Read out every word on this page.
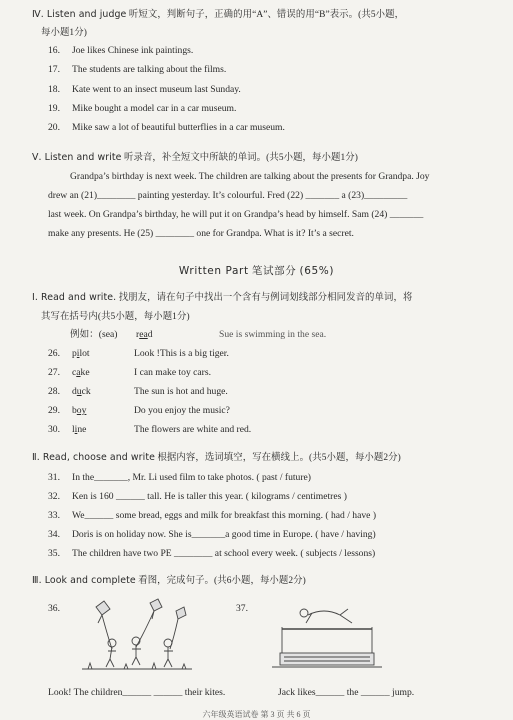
Ⅳ. Listen and judge 听短文，判断句子，正确的用“A”、错误的用“B”表示。(共5小题，
每小题1分)
16. Joe likes Chinese ink paintings.
17. The students are talking about the films.
18. Kate went to an insect museum last Sunday.
19. Mike bought a model car in a car museum.
20. Mike saw a lot of beautiful butterflies in a car museum.
Ⅴ. Listen and write 听录音，补全短文中所缺的单词。(共5小题，每小题1分)
Grandpa’s birthday is next week. The children are talking about the presents for Grandpa. Joy
drew an (21)________ painting yesterday. It’s colourful. Fred (22) _______ a (23)_________
last week. On Grandpa’s birthday, he will put it on Grandpa’s head by himself. Sam (24) _______
make any presents. He (25) ________ one for Grandpa. What is it? It’s a secret.
Written Part 笔试部分 (65%)
Ⅰ. Read and write. 找朋友，请在句子中找出一个含有与例词划线部分相同发音的单词，将
其写在括号内(共5小题，每小题1分)
例如：(sea) read	Sue is swimming in the sea.
26. pilot	Look !This is a big tiger.
27. cake	I can make toy cars.
28. duck	The sun is hot and huge.
29. boy	Do you enjoy the music?
30. line	The flowers are white and red.
Ⅱ. Read, choose and write 根据内容，选词填空，写在横线上。(共5小题，每小题2分)
31. In the_______, Mr. Li used film to take photos. ( past / future)
32. Ken is 160 ______ tall. He is taller this year. ( kilograms / centimetres )
33. We______ some bread, eggs and milk for breakfast this morning. ( had / have )
34. Doris is on holiday now. She is_______a good time in Europe. ( have / having)
35. The children have two PE ________ at school every week. ( subjects / lessons)
Ⅲ. Look and complete 看图，完成句子。(共6小题，每小题2分)
36.	37.
Look! The children______ ______ their kites.	Jack likes______ the ______ jump.
六年级英语试卷 第 3 页 共 6 页
